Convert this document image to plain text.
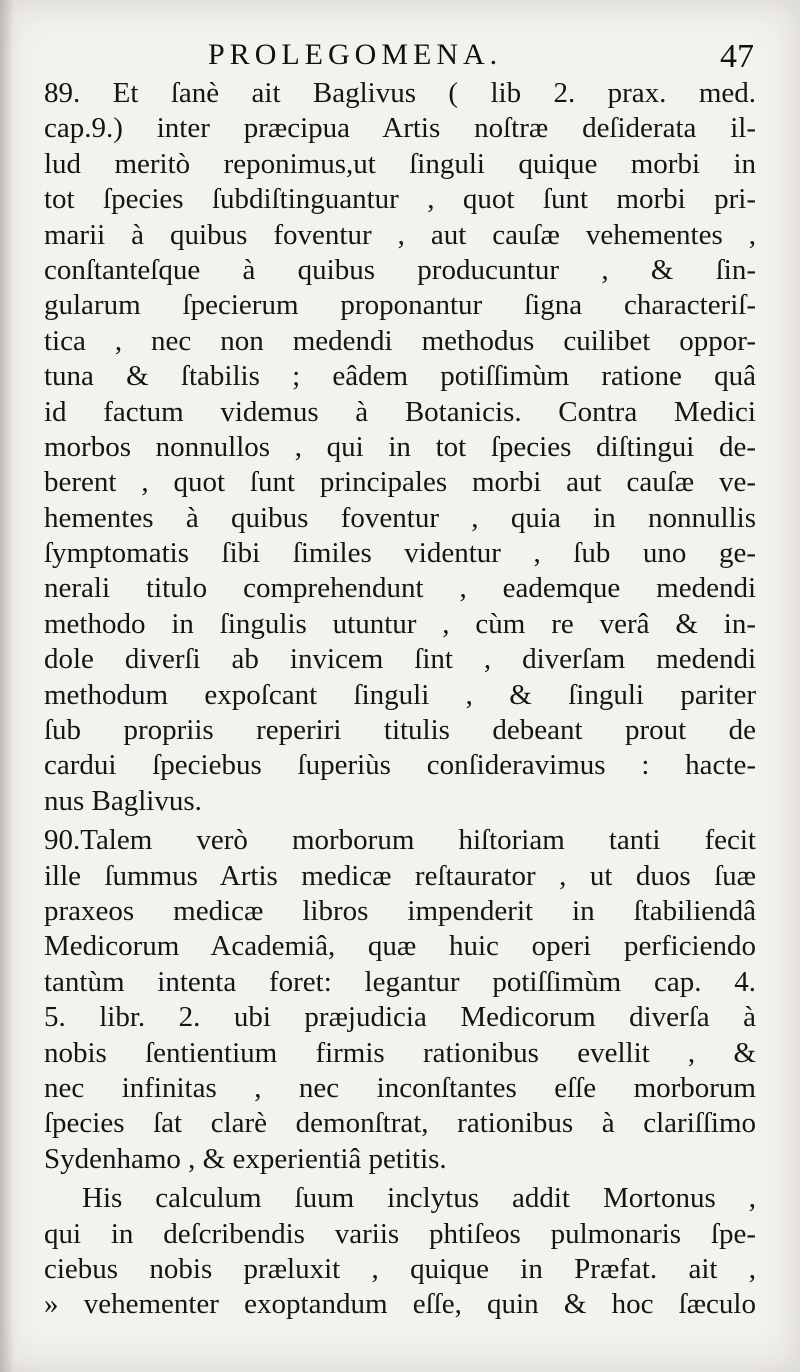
PROLEGOMENA.	47
89. Et ſanè ait Baglivus ( lib 2. prax. med.
cap.9.) inter præcipua Artis noſtræ deſiderata il-
lud meritò reponimus,ut ſinguli quique morbi in
tot ſpecies ſubdiſtinguantur , quot ſunt morbi pri-
marii à quibus foventur , aut cauſæ vehementes ,
conſtanteſque à quibus producuntur , & ſin-
gularum ſpecierum proponantur ſigna characteriſ-
tica , nec non medendi methodus cuilibet oppor-
tuna & ſtabilis ; eâdem potiſſimùm ratione quâ
id factum videmus à Botanicis. Contra Medici
morbos nonnullos , qui in tot ſpecies diſtingui de-
berent , quot ſunt principales morbi aut cauſæ ve-
hementes à quibus foventur , quia in nonnullis
ſymptomatis ſibi ſimiles videntur , ſub uno ge-
nerali titulo comprehendunt , eademque medendi
methodo in ſingulis utuntur , cùm re verâ & in-
dole diverſi ab invicem ſint , diverſam medendi
methodum expoſcant ſinguli , & ſinguli pariter
ſub propriis reperiri titulis debeant prout de
cardui ſpeciebus ſuperiùs conſideravimus : hacte-
nus Baglivus.
90.Talem verò morborum hiſtoriam tanti fecit
ille ſummus Artis medicæ reſtaurator , ut duos ſuæ
praxeos medicæ libros impenderit in ſtabiliendâ
Medicorum Academiâ, quæ huic operi perficiendo
tantùm intenta foret: legantur potiſſimùm cap. 4.
5. libr. 2. ubi præjudicia Medicorum diverſa à
nobis ſentientium firmis rationibus evellit , &
nec infinitas , nec inconſtantes eſſe morborum
ſpecies ſat clarè demonſtrat, rationibus à clariſſimo
Sydenhamo , & experientiâ petitis.
His calculum ſuum inclytus addit Mortonus ,
qui in deſcribendis variis phtiſeos pulmonaris ſpe-
ciebus nobis præluxit , quique in Præfat. ait ,
» vehementer exoptandum eſſe, quin & hoc ſæculo
